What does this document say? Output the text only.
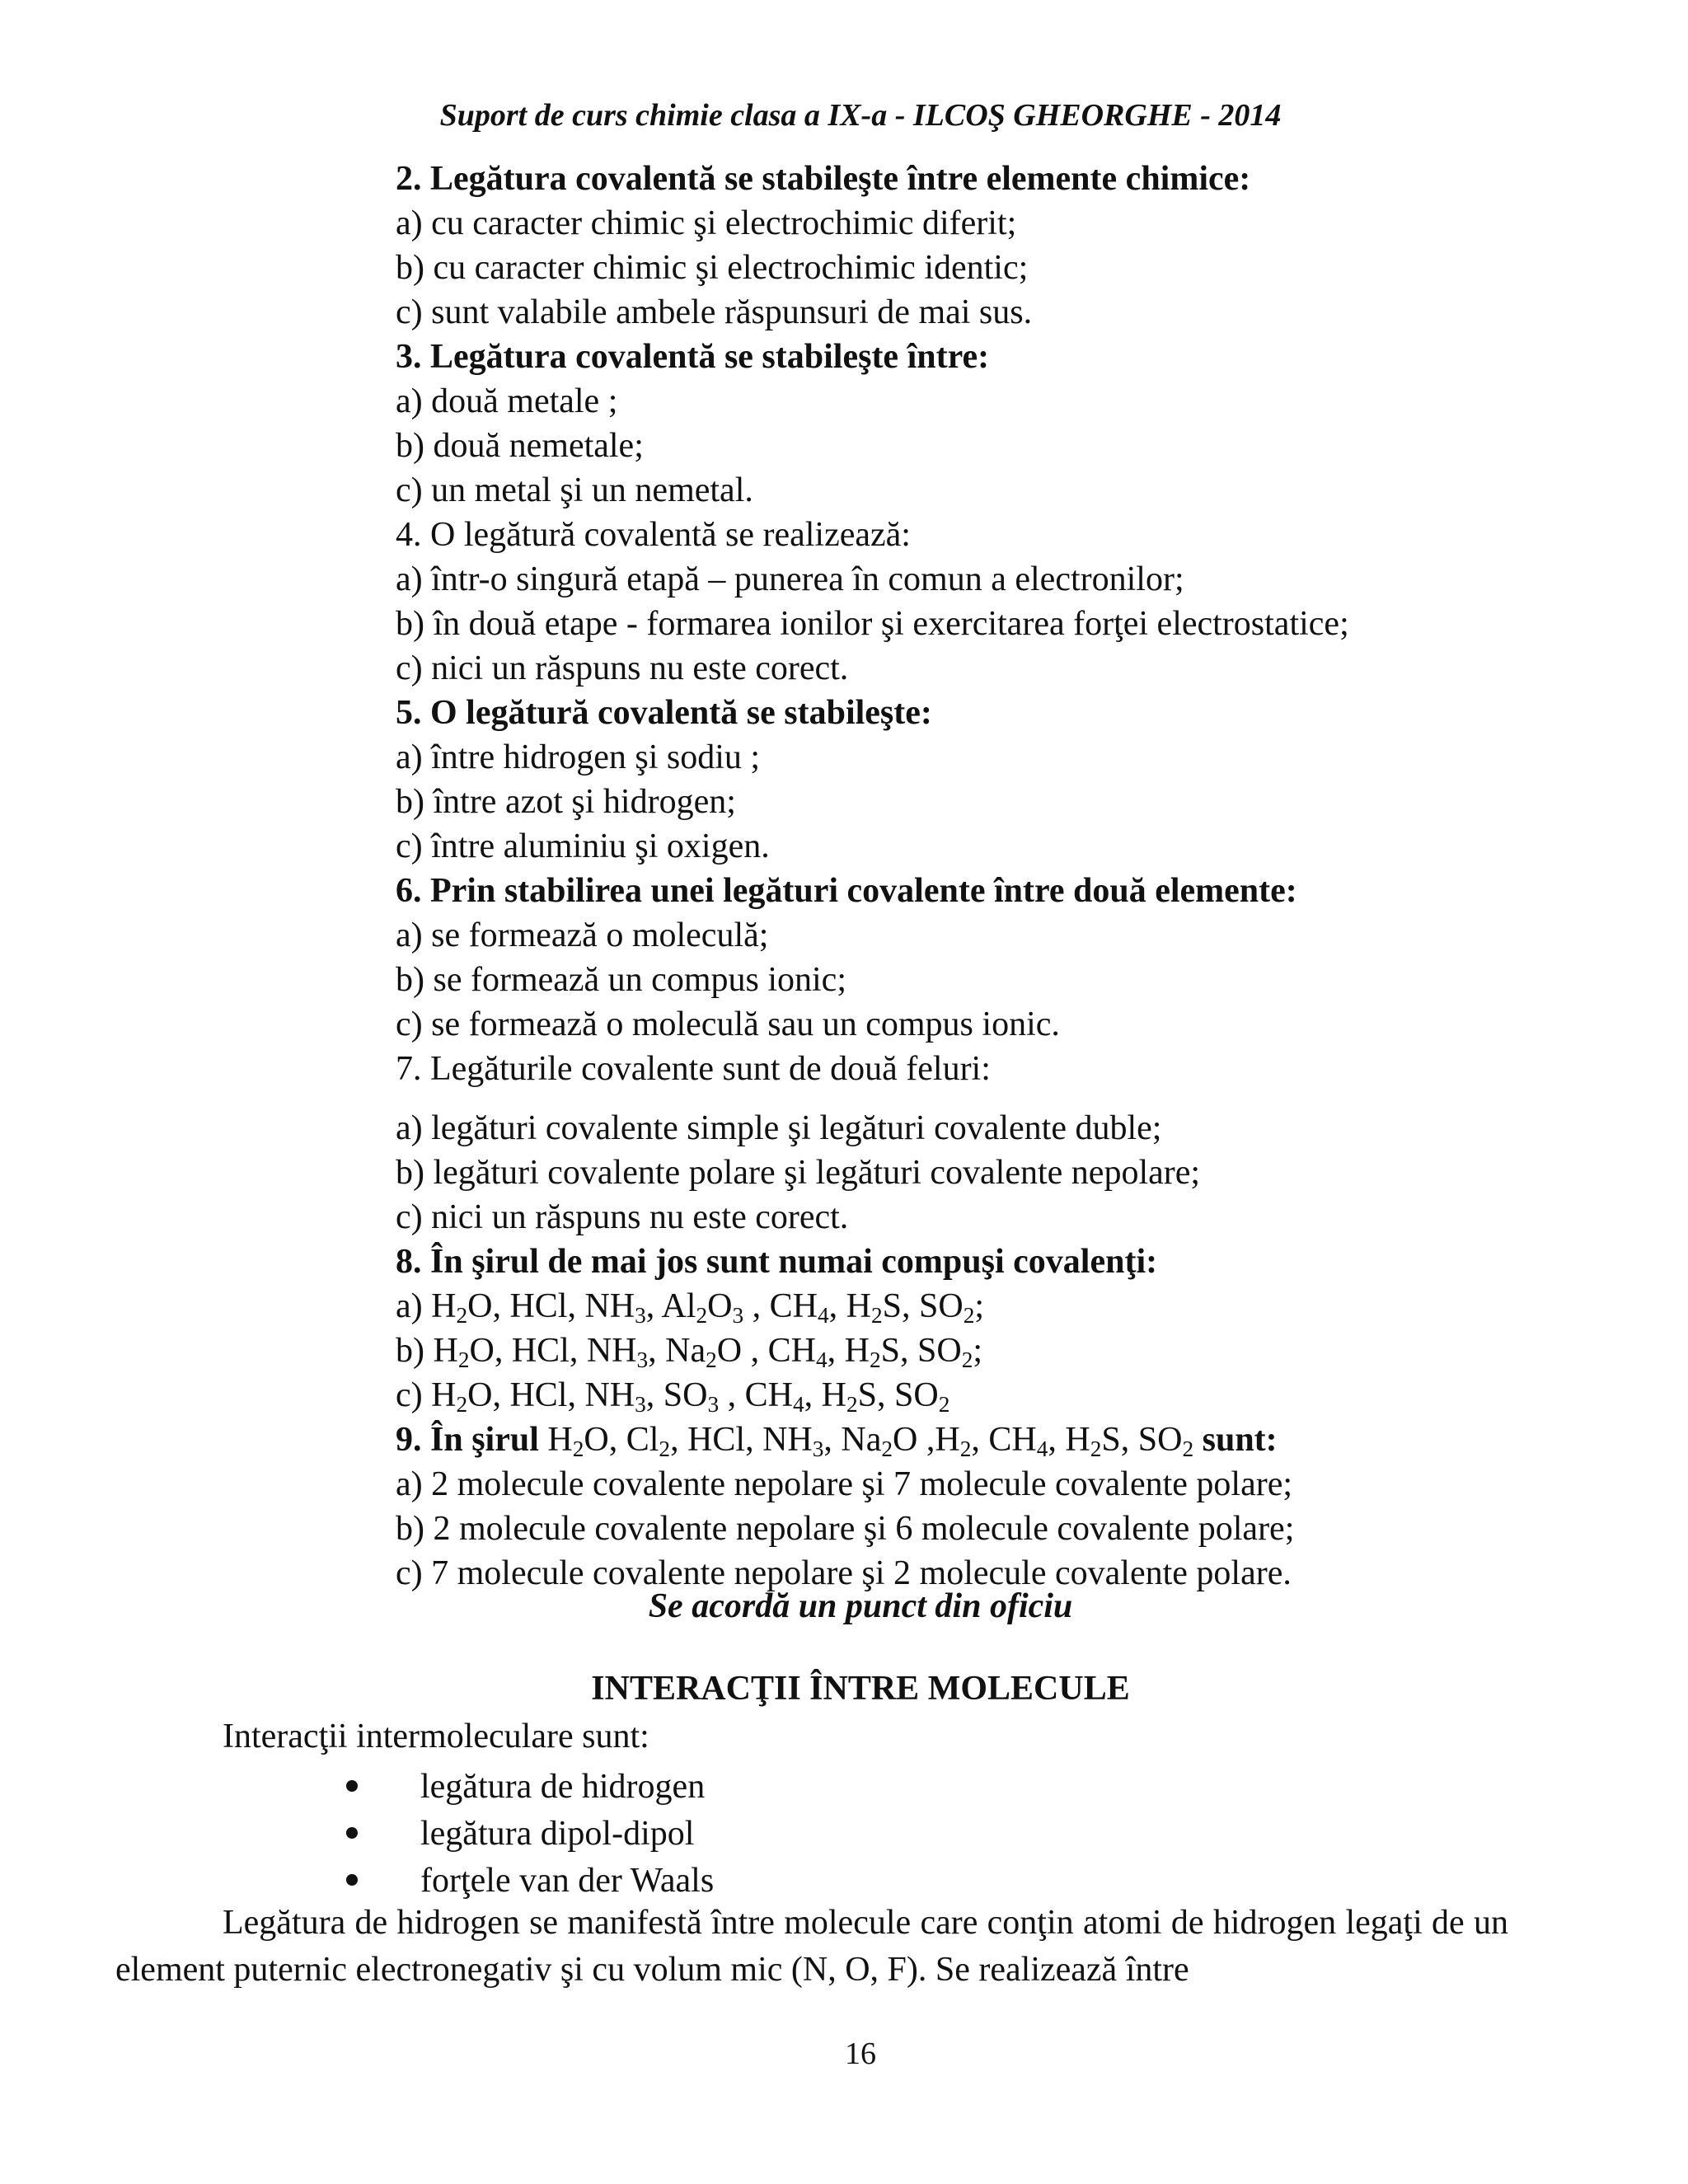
Suport de curs chimie clasa a IX-a - ILCOŞ GHEORGHE - 2014
2. Legătura covalentă se stabileşte între elemente chimice:
a) cu caracter chimic şi electrochimic diferit;
b) cu caracter chimic şi electrochimic identic;
c) sunt valabile ambele răspunsuri de mai sus.
3. Legătura covalentă se stabileşte între:
a) două metale ;
b) două nemetale;
c) un metal şi un nemetal.
4. O legătură covalentă se realizează:
a) într-o singură etapă – punerea în comun a electronilor;
b) în două etape - formarea ionilor şi exercitarea forţei electrostatice;
c) nici un răspuns nu este corect.
5. O legătură covalentă se stabileşte:
a) între hidrogen şi sodiu ;
b) între azot şi hidrogen;
c) între aluminiu şi oxigen.
6. Prin stabilirea unei legături covalente între două elemente:
a) se formează o moleculă;
b) se formează un compus ionic;
c) se formează o moleculă sau un compus ionic.
7. Legăturile covalente sunt de două feluri:
a) legături covalente simple şi legături covalente duble;
b) legături covalente polare şi legături covalente nepolare;
c) nici un răspuns nu este corect.
8. În şirul de mai jos sunt numai compuşi covalenţi:
a) $H_2O$, HCl, $NH_3$, $Al_2O_3$ , $CH_4$, $H_2S$, $SO_2$;
b) $H_2O$, HCl, $NH_3$, $Na_2O$ , $CH_4$, $H_2S$, $SO_2$;
c) $H_2O$, HCl, $NH_3$, $SO_3$ , $CH_4$, $H_2S$, $SO_2$
9. În şirul $H_2O$, $Cl_2$, HCl, $NH_3$, $Na_2O$ $,H_2$, $CH_4$, $H_2S$, $SO_2$ sunt:
a) 2 molecule covalente nepolare şi 7 molecule covalente polare;
b) 2 molecule covalente nepolare şi 6 molecule covalente polare;
c) 7 molecule covalente nepolare şi 2 molecule covalente polare.
Se acordă un punct din oficiu
INTERACŢII ÎNTRE MOLECULE
Interacţii intermoleculare sunt:
legătura de hidrogen
legătura dipol-dipol
forţele van der Waals
Legătura de hidrogen se manifestă între molecule care conţin atomi de hidrogen legaţi de un element puternic electronegativ şi cu volum mic (N, O, F). Se realizează între
16
